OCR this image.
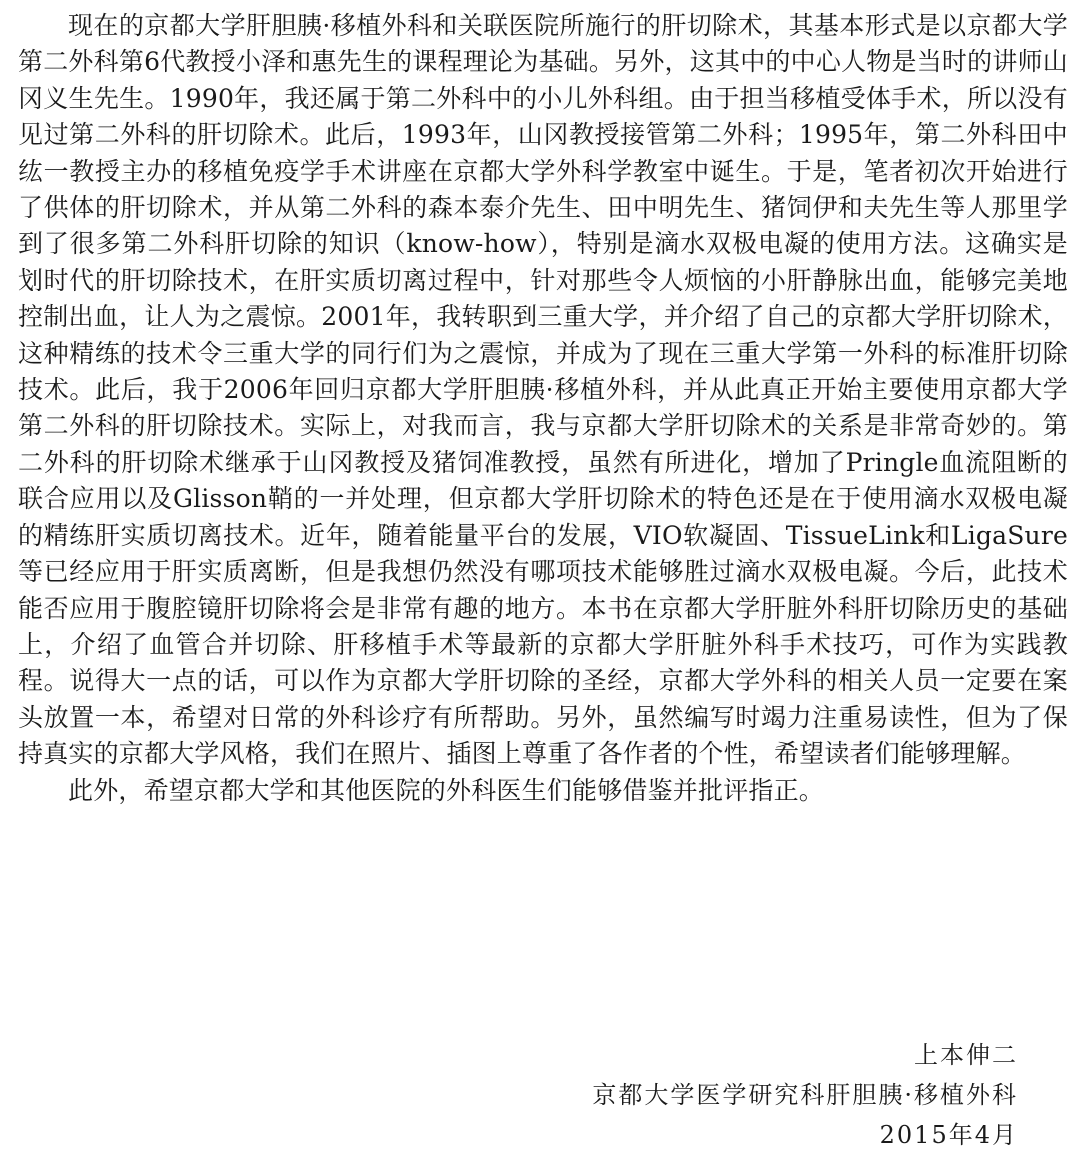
现在的京都大学肝胆胰·移植外科和关联医院所施行的肝切除术，其基本形式是以京都大学第二外科第6代教授小泽和惠先生的课程理论为基础。另外，这其中的中心人物是当时的讲师山冈义生先生。1990年，我还属于第二外科中的小儿外科组。由于担当移植受体手术，所以没有见过第二外科的肝切除术。此后，1993年，山冈教授接管第二外科；1995年，第二外科田中纮一教授主办的移植免疫学手术讲座在京都大学外科学教室中诞生。于是，笔者初次开始进行了供体的肝切除术，并从第二外科的森本泰介先生、田中明先生、猪饲伊和夫先生等人那里学到了很多第二外科肝切除的知识（know-how），特别是滴水双极电凝的使用方法。这确实是划时代的肝切除技术，在肝实质切离过程中，针对那些令人烦恼的小肝静脉出血，能够完美地控制出血，让人为之震惊。2001年，我转职到三重大学，并介绍了自己的京都大学肝切除术，这种精练的技术令三重大学的同行们为之震惊，并成为了现在三重大学第一外科的标准肝切除技术。此后，我于2006年回归京都大学肝胆胰·移植外科，并从此真正开始主要使用京都大学第二外科的肝切除技术。实际上，对我而言，我与京都大学肝切除术的关系是非常奇妙的。第二外科的肝切除术继承于山冈教授及猪饲准教授，虽然有所进化，增加了Pringle血流阻断的联合应用以及Glisson鞘的一并处理，但京都大学肝切除术的特色还是在于使用滴水双极电凝的精练肝实质切离技术。近年，随着能量平台的发展，VIO软凝固、TissueLink和LigaSure等已经应用于肝实质离断，但是我想仍然没有哪项技术能够胜过滴水双极电凝。今后，此技术能否应用于腹腔镜肝切除将会是非常有趣的地方。本书在京都大学肝脏外科肝切除历史的基础上，介绍了血管合并切除、肝移植手术等最新的京都大学肝脏外科手术技巧，可作为实践教程。说得大一点的话，可以作为京都大学肝切除的圣经，京都大学外科的相关人员一定要在案头放置一本，希望对日常的外科诊疗有所帮助。另外，虽然编写时竭力注重易读性，但为了保持真实的京都大学风格，我们在照片、插图上尊重了各作者的个性，希望读者们能够理解。

此外，希望京都大学和其他医院的外科医生们能够借鉴并批评指正。

上本伸二
京都大学医学研究科肝胆胰·移植外科
2015年4月
